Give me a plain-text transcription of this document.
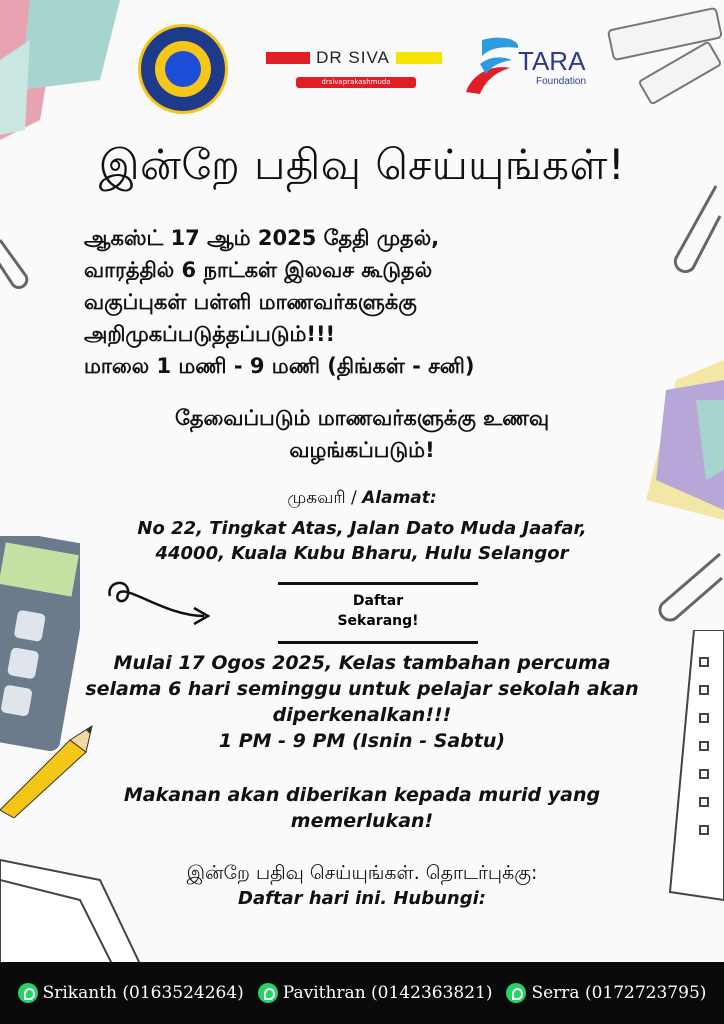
DR SIVA
drsivaprakashmuda
TARA
Foundation
இன்றே பதிவு செய்யுங்கள்!
ஆகஸ்ட் 17 ஆம் 2025 தேதி முதல்,
வாரத்தில் 6 நாட்கள் இலவச கூடுதல்
வகுப்புகள் பள்ளி மாணவர்களுக்கு
அறிமுகப்படுத்தப்படும்!!!
மாலை 1 மணி - 9 மணி (திங்கள் - சனி)
தேவைப்படும் மாணவர்களுக்கு உணவு
வழங்கப்படும்!
முகவரி / Alamat:
No 22, Tingkat Atas, Jalan Dato Muda Jaafar,
44000, Kuala Kubu Bharu, Hulu Selangor
Daftar
Sekarang!
Mulai 17 Ogos 2025, Kelas tambahan percuma
selama 6 hari seminggu untuk pelajar sekolah akan
diperkenalkan!!!
1 PM - 9 PM (Isnin - Sabtu)
Makanan akan diberikan kepada murid yang
memerlukan!
இன்றே பதிவு செய்யுங்கள். தொடர்புக்கு:
Daftar hari ini. Hubungi:
Srikanth (0163524264) Pavithran (0142363821) Serra (0172723795)
